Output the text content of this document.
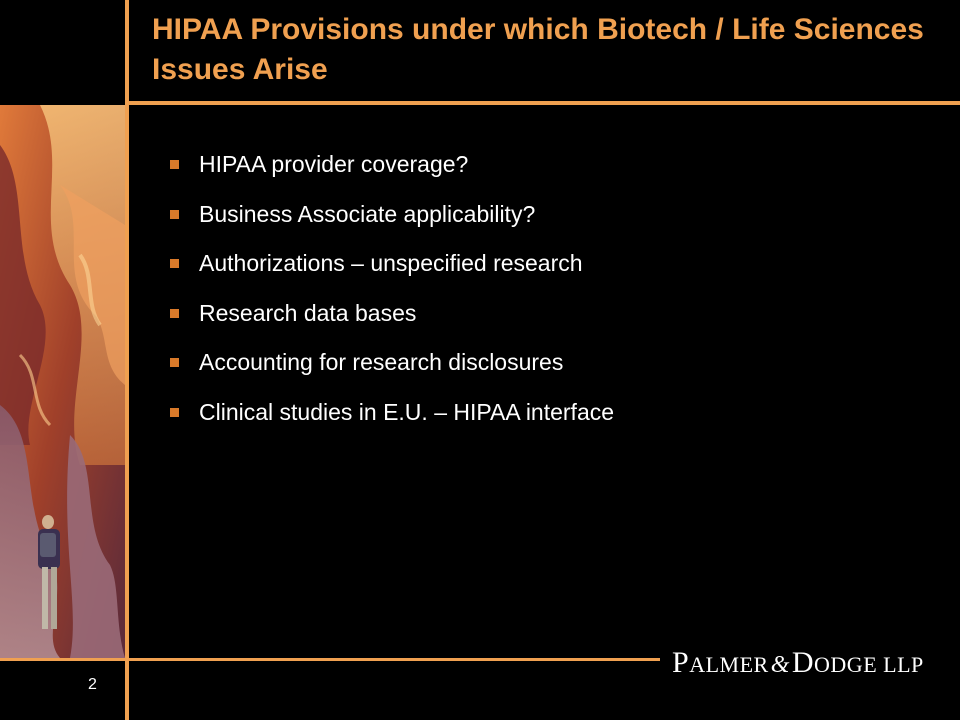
HIPAA Provisions under which Biotech / Life Sciences Issues Arise
HIPAA provider coverage?
Business Associate applicability?
Authorizations – unspecified research
Research data bases
Accounting for research disclosures
Clinical studies in E.U. – HIPAA interface
2
PALMER&DODGE LLP
